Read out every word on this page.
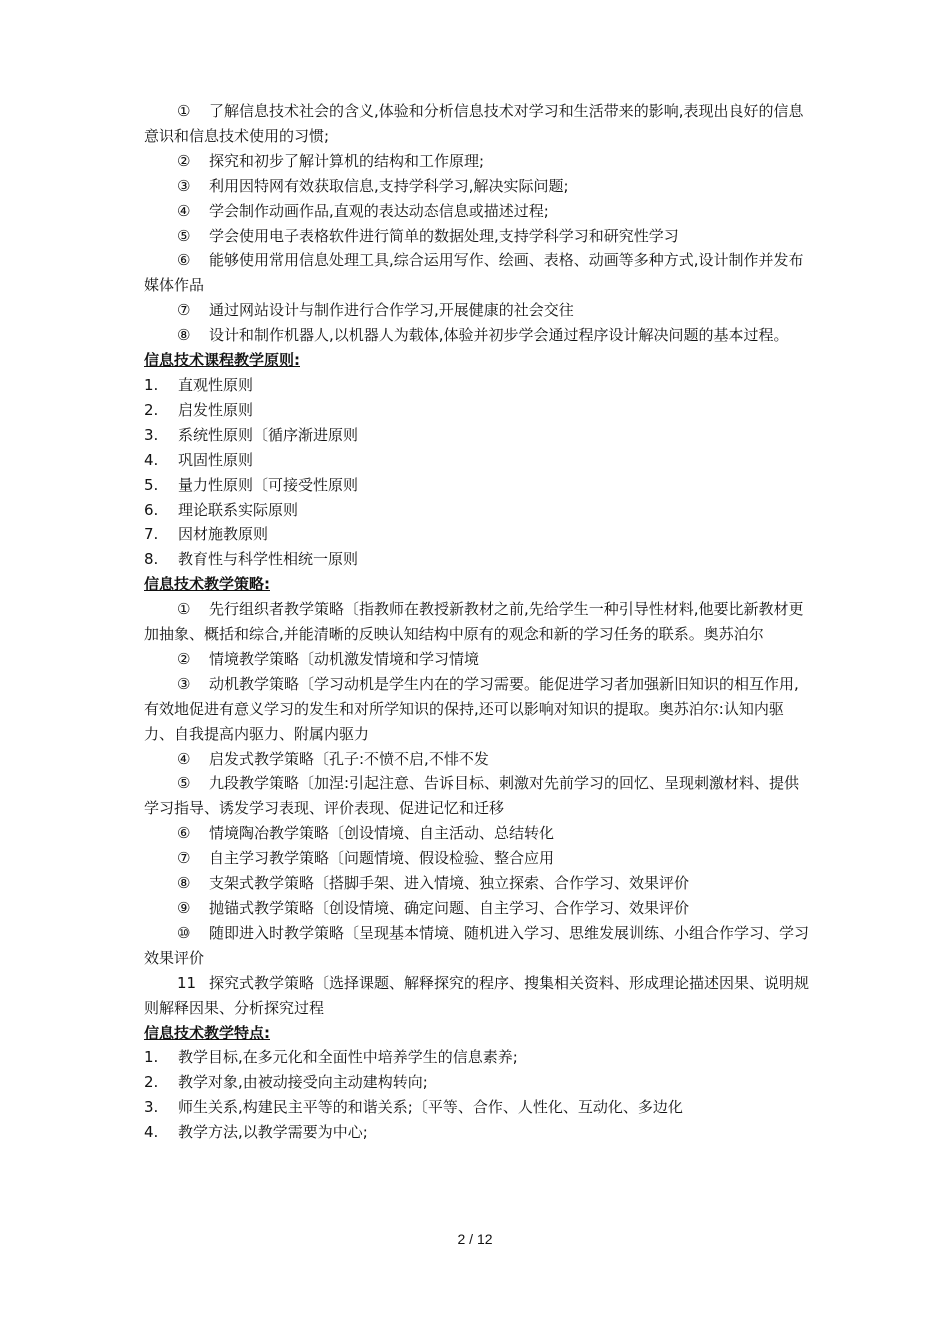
① 了解信息技术社会的含义,体验和分析信息技术对学习和生活带来的影响,表现出良好的信息意识和信息技术使用的习惯;

② 探究和初步了解计算机的结构和工作原理;

③ 利用因特网有效获取信息,支持学科学习,解决实际问题;

④ 学会制作动画作品,直观的表达动态信息或描述过程;

⑤ 学会使用电子表格软件进行简单的数据处理,支持学科学习和研究性学习

⑥ 能够使用常用信息处理工具,综合运用写作、绘画、表格、动画等多种方式,设计制作并发布媒体作品

⑦ 通过网站设计与制作进行合作学习,开展健康的社会交往

⑧ 设计和制作机器人,以机器人为载体,体验并初步学会通过程序设计解决问题的基本过程。

信息技术课程教学原则:

1.	直观性原则
2.	启发性原则
3.	系统性原则〔循序渐进原则
4.	巩固性原则
5.	量力性原则〔可接受性原则
6.	理论联系实际原则
7.	因材施教原则
8.	教育性与科学性相统一原则

信息技术教学策略:

① 先行组织者教学策略〔指教师在教授新教材之前,先给学生一种引导性材料,他要比新教材更加抽象、概括和综合,并能清晰的反映认知结构中原有的观念和新的学习任务的联系。奥苏泊尔

② 情境教学策略〔动机激发情境和学习情境

③ 动机教学策略〔学习动机是学生内在的学习需要。能促进学习者加强新旧知识的相互作用,有效地促进有意义学习的发生和对所学知识的保持,还可以影响对知识的提取。奥苏泊尔:认知内驱力、自我提高内驱力、附属内驱力

④ 启发式教学策略〔孔子:不愤不启,不悱不发

⑤ 九段教学策略〔加涅:引起注意、告诉目标、刺激对先前学习的回忆、呈现刺激材料、提供学习指导、诱发学习表现、评价表现、促进记忆和迁移

⑥ 情境陶冶教学策略〔创设情境、自主活动、总结转化

⑦ 自主学习教学策略〔问题情境、假设检验、整合应用

⑧ 支架式教学策略〔搭脚手架、进入情境、独立探索、合作学习、效果评价

⑨ 抛锚式教学策略〔创设情境、确定问题、自主学习、合作学习、效果评价

⑩ 随即进入时教学策略〔呈现基本情境、随机进入学习、思维发展训练、小组合作学习、学习效果评价

11 探究式教学策略〔选择课题、解释探究的程序、搜集相关资料、形成理论描述因果、说明规则解释因果、分析探究过程

信息技术教学特点:

1.	教学目标,在多元化和全面性中培养学生的信息素养;
2.	教学对象,由被动接受向主动建构转向;
3.	师生关系,构建民主平等的和谐关系;〔平等、合作、人性化、互动化、多边化
4.	教学方法,以教学需要为中心;
2 / 12
